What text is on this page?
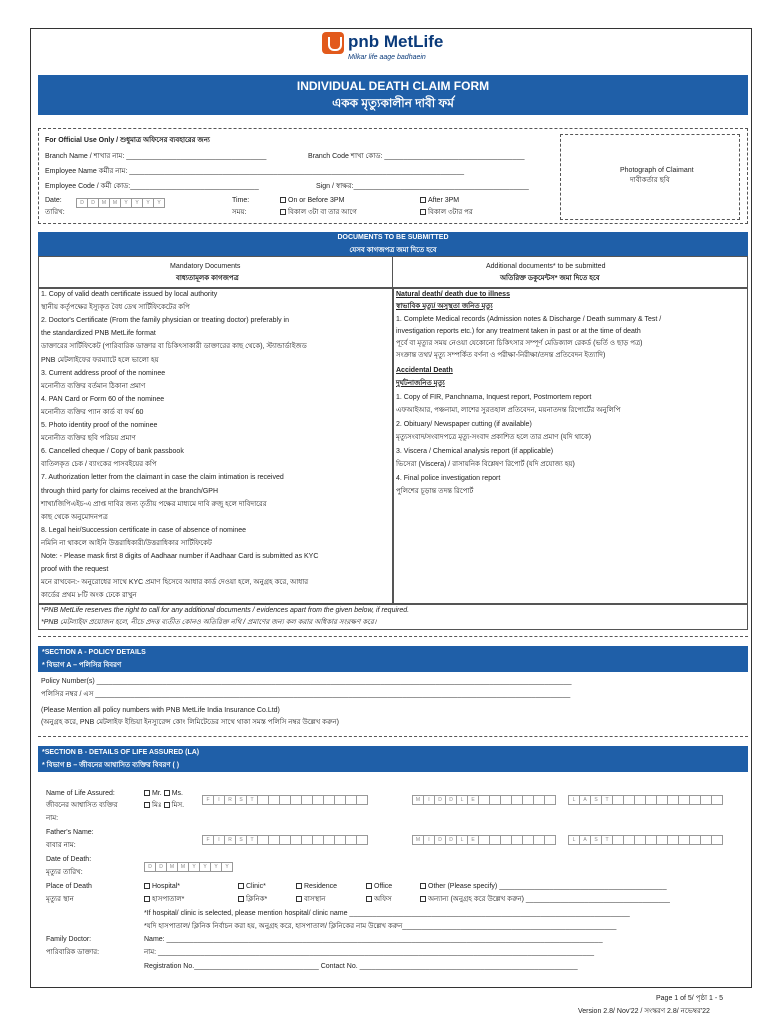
pnb MetLife
Milkar life aage badhaein
INDIVIDUAL DEATH CLAIM FORM
একক মৃত্যুকালীন দাবী ফর্ম
For Official Use Only / শুধুমাত্র অফিসের ব্যবহারের জন্য
Branch Name / শাখার নাম: ____________________________________	Branch Code শাখা কোড: ____________________________________
Employee Name কর্মীর নাম: ______________________________________________________________________________________
Employee Code / কর্মী কোড:_________________________________	Sign / স্বাক্ষর:_____________________________________________
Date:
তারিখ:
D	D	M	M	Y	Y	Y	Y	Time:
সময়:
On or Before 3PM
বিকাল ৩টা বা তার আগে
After 3PM
বিকাল ৩টার পর
Photograph of Claimant
দাবীকর্তার ছবি
DOCUMENTS TO BE SUBMITTED
যেসব কাগজপত্র জমা দিতে হবে
Mandatory Documents
বাধ্যতামূলক কাগজপত্র
Additional documents* to be submitted
অতিরিক্ত ডকুমেন্টস* জমা দিতে হবে
1. Copy of valid death certificate issued by local authority
স্থানীয় কর্তৃপক্ষের ইস্যুকৃত বৈধ ডেথ সার্টিফিকেটের কপি
2. Doctor's Certificate (From the family physician or treating doctor) preferably in
the standardized PNB MetLife format
ডাক্তারের সার্টিফিকেট (পারিবারিক ডাক্তার বা চিকিৎসাকারী ডাক্তারের কাছ থেকে), স্ট্যান্ডার্ডাইজড
PNB মেটলাইফের ফরম্যাটে হলে ভালো হয়
3. Current address proof of the nominee
মনোনীত ব্যক্তির বর্তমান ঠিকানা প্রমাণ
4. PAN Card or Form 60 of the nominee
মনোনীত ব্যক্তির প্যান কার্ড বা ফর্ম 60
5. Photo identity proof of the nominee
মনোনীত ব্যক্তির ছবি পরিচয় প্রমাণ
6. Cancelled cheque / Copy of bank passbook
বাতিলকৃত চেক / ব্যাংকের পাসবইয়ের কপি
7. Authorization letter from the claimant in case the claim intimation is received
through third party for claims received at the branch/GPH
শাখা/জিপিএইচ-এ প্রাপ্ত দাবির জন্য তৃতীয় পক্ষের মাধ্যমে দাবি রুজু হলে দাবিদারের
কাছ থেকে অনুমোদনপত্র
8. Legal heir/Succession certificate in case of absence of nominee
নমিনি না থাকলে আইনি উত্তরাধিকারী/উত্তরাধিকার সার্টিফিকেট
Note: - Please mask first 8 digits of Aadhaar number if Aadhaar Card is submitted as KYC
proof with the request
মনে রাখবেন:- অনুরোধের সাথে KYC প্রমাণ হিসেবে আধার কার্ড দেওয়া হলে, অনুগ্রহ করে, আধার
কার্ডের প্রথম ৮টি অংক ঢেকে রাখুন
Natural death/ death due to illness
স্বাভাবিক মৃত্যু/ অসুস্থতা জনিত মৃত্যু
1. Complete Medical records (Admission notes & Discharge / Death summary & Test /
investigation reports etc.) for any treatment taken in past or at the time of death
পূর্বে বা মৃত্যুর সময় নেওয়া যেকোনো চিকিৎসার সম্পূর্ণ মেডিক্যাল রেকর্ড (ভর্তি ও ছাড় পত্র)
সংক্রান্ত তথ্য/ মৃত্যু সম্পর্কিত বর্ণনা ও পরীক্ষা-নিরীক্ষা/তদন্ত প্রতিবেদন ইত্যাদি)
Accidental Death
দুর্ঘটনাজনিত মৃত্যু
1. Copy of FIR, Panchnama, Inquest report, Postmortem report
এফআইআর, পঞ্চনামা, লাশের সুরতহাল প্রতিবেদন, ময়নাতদন্ত রিপোর্টের অনুলিপি
2. Obituary/ Newspaper cutting (if available)
মৃত্যুসংবাদ/সংবাদপত্রে মৃত্যু-সংবাদ প্রকাশিত হলে তার প্রমাণ (যদি থাকে)
3. Viscera / Chemical analysis report (if applicable)
ভিসেরা (Viscera) / রাসায়নিক বিশ্লেষণ রিপোর্ট (যদি প্রযোজ্য হয়)
4. Final police investigation report
পুলিশের চূড়ান্ত তদন্ত রিপোর্ট
*PNB MetLife reserves the right to call for any additional documents / evidences apart from the given below, if required.
*PNB মেটলাইফ প্রয়োজন হলে, নীচে প্রদত্ত ব্যতীত কোনও অতিরিক্ত নথি / প্রমাণের জন্য কল করার অধিকার সংরক্ষণ করে।
*SECTION A - POLICY DETAILS
* বিভাগ A – পলিসির বিবরণ
Policy Number(s) __________________________________________________________________________________________________________________________
পলিসির নম্বর / এস __________________________________________________________________________________________________________________________
(Please Mention all policy numbers with PNB MetLife India Insurance Co.Ltd)
(অনুগ্রহ করে, PNB মেটলাইফ ইন্ডিয়া ইনস্যুরেন্স কোং লিমিটেডের সাথে থাকা সমস্ত পলিসি নম্বর উল্লেখ করুন)
*SECTION B - DETAILS OF LIFE ASSURED (LA)
* বিভাগ B – জীবনের আশ্বাসিত ব্যক্তির বিবরণ ( )
Name of Life Assured:
জীবনের আশ্বাসিত ব্যক্তির
নাম:
Mr. Ms.
মিঃ মিস.
F	I	R	S	T	M	I	D	D	L	E	L	A	S	T
Father's Name:
বাবার নাম:
F	I	R	S	T	M	I	D	D	L	E	L	A	S	T
Date of Death:
মৃত্যুর তারিখ:
D	D	M	M	Y	Y	Y	Y
Place of Death
মৃত্যুর স্থান
Hospital*	Clinic*	Residence	Office	Other (Please specify) ___________________________________________
হাসপাতাল*	ক্লিনিক*	বাসস্থান	অফিস	অন্যান্য (অনুগ্রহ করে উল্লেখ করুন) _____________________________________
*If hospital/ clinic is selected, please mention hospital/ clinic name ________________________________________________________________________
*যদি হাসপাতাল/ ক্লিনিক নির্বাচন করা হয়, অনুগ্রহ করে, হাসপাতাল/ ক্লিনিকের নাম উল্লেখ করুন_______________________________________________________
Family Doctor:
পারিবারিক ডাক্তার:
Name: ________________________________________________________________________________________________________________
নাম: ________________________________________________________________________________________________________________
Registration No.________________________________ Contact No. ________________________________________________________
Page 1 of 5/ পৃষ্ঠা 1 - 5
Version 2.8/ Nov'22 / সংস্করণ 2.8/ নভেম্বর'22
